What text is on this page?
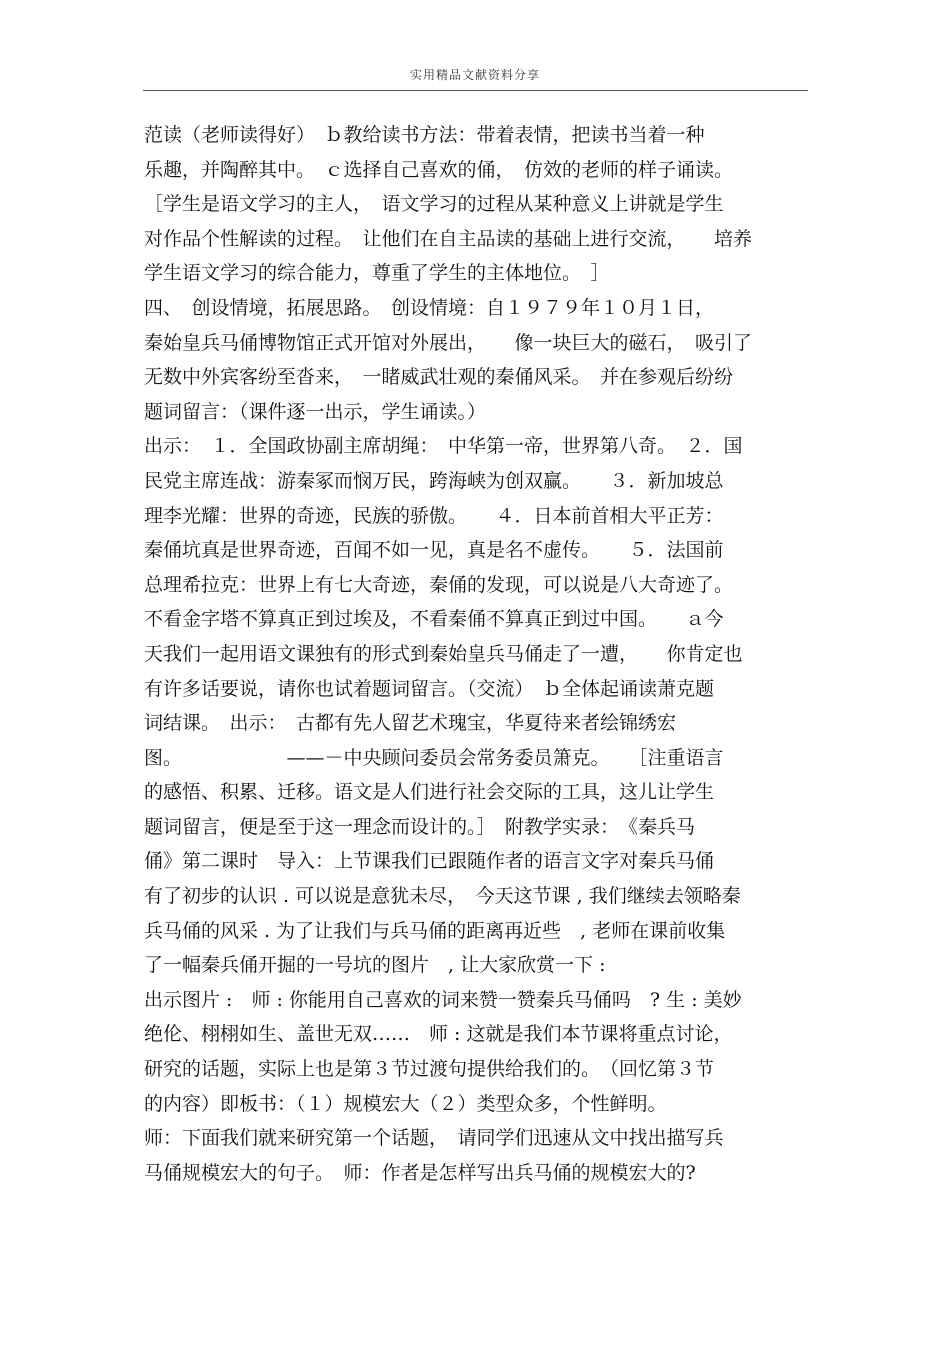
实用精品文献资料分享
范读（老师读得好）　ｂ教给读书方法：带着表情，把读书当着一种
乐趣，并陶醉其中。　ｃ选择自己喜欢的俑，　仿效的老师的样子诵读。
［学生是语文学习的主人，　语文学习的过程从某种意义上讲就是学生
对作品个性解读的过程。　让他们在自主品读的基础上进行交流，　　培养
学生语文学习的综合能力，尊重了学生的主体地位。　］
四、　创设情境，拓展思路。　创设情境：自１９７９年１０月１日，
秦始皇兵马俑博物馆正式开馆对外展出，　　像一块巨大的磁石，　吸引了
无数中外宾客纷至沓来，　一睹威武壮观的秦俑风采。　并在参观后纷纷
题词留言：（课件逐一出示，学生诵读。）
出示：　１．全国政协副主席胡绳：　中华第一帝，世界第八奇。　２．国
民党主席连战：游秦冢而悯万民，跨海峡为创双赢。　　３．新加坡总
理李光耀：世界的奇迹，民族的骄傲。　　４．日本前首相大平正芳：
秦俑坑真是世界奇迹，百闻不如一见，真是名不虚传。　　５．法国前
总理希拉克：世界上有七大奇迹，秦俑的发现，可以说是八大奇迹了。
不看金字塔不算真正到过埃及，不看秦俑不算真正到过中国。　　ａ今
天我们一起用语文课独有的形式到秦始皇兵马俑走了一遭，　　你肯定也
有许多话要说，请你也试着题词留言。（交流）　ｂ全体起诵读萧克题
词结课。　出示：　古都有先人留艺术瑰宝，华夏待来者绘锦绣宏
图。　　　　　　——－中央顾问委员会常务委员箫克。　　［注重语言
的感悟、积累、迁移。语文是人们进行社会交际的工具，这儿让学生
题词留言，便是至于这一理念而设计的。］　附教学实录：　《秦兵马
俑》第二课时　导入：上节课我们已跟随作者的语言文字对秦兵马俑
有了初步的认识 . 可以说是意犹未尽，　今天这节课 , 我们继续去领略秦
兵马俑的风采 . 为了让我们与兵马俑的距离再近些　, 老师在课前收集
了一幅秦兵俑开掘的一号坑的图片　, 让大家欣赏一下 :
出示图片 :　师 : 你能用自己喜欢的词来赞一赞秦兵马俑吗　? 生 : 美妙
绝伦、栩栩如生、盖世无双……　师 : 这就是我们本节课将重点讨论，
研究的话题，实际上也是第３节过渡句提供给我们的。　（回忆第３节
的内容）即板书：（１）规模宏大（２）类型众多，个性鲜明。
师：下面我们就来研究第一个话题，　请同学们迅速从文中找出描写兵
马俑规模宏大的句子。　师：作者是怎样写出兵马俑的规模宏大的?
